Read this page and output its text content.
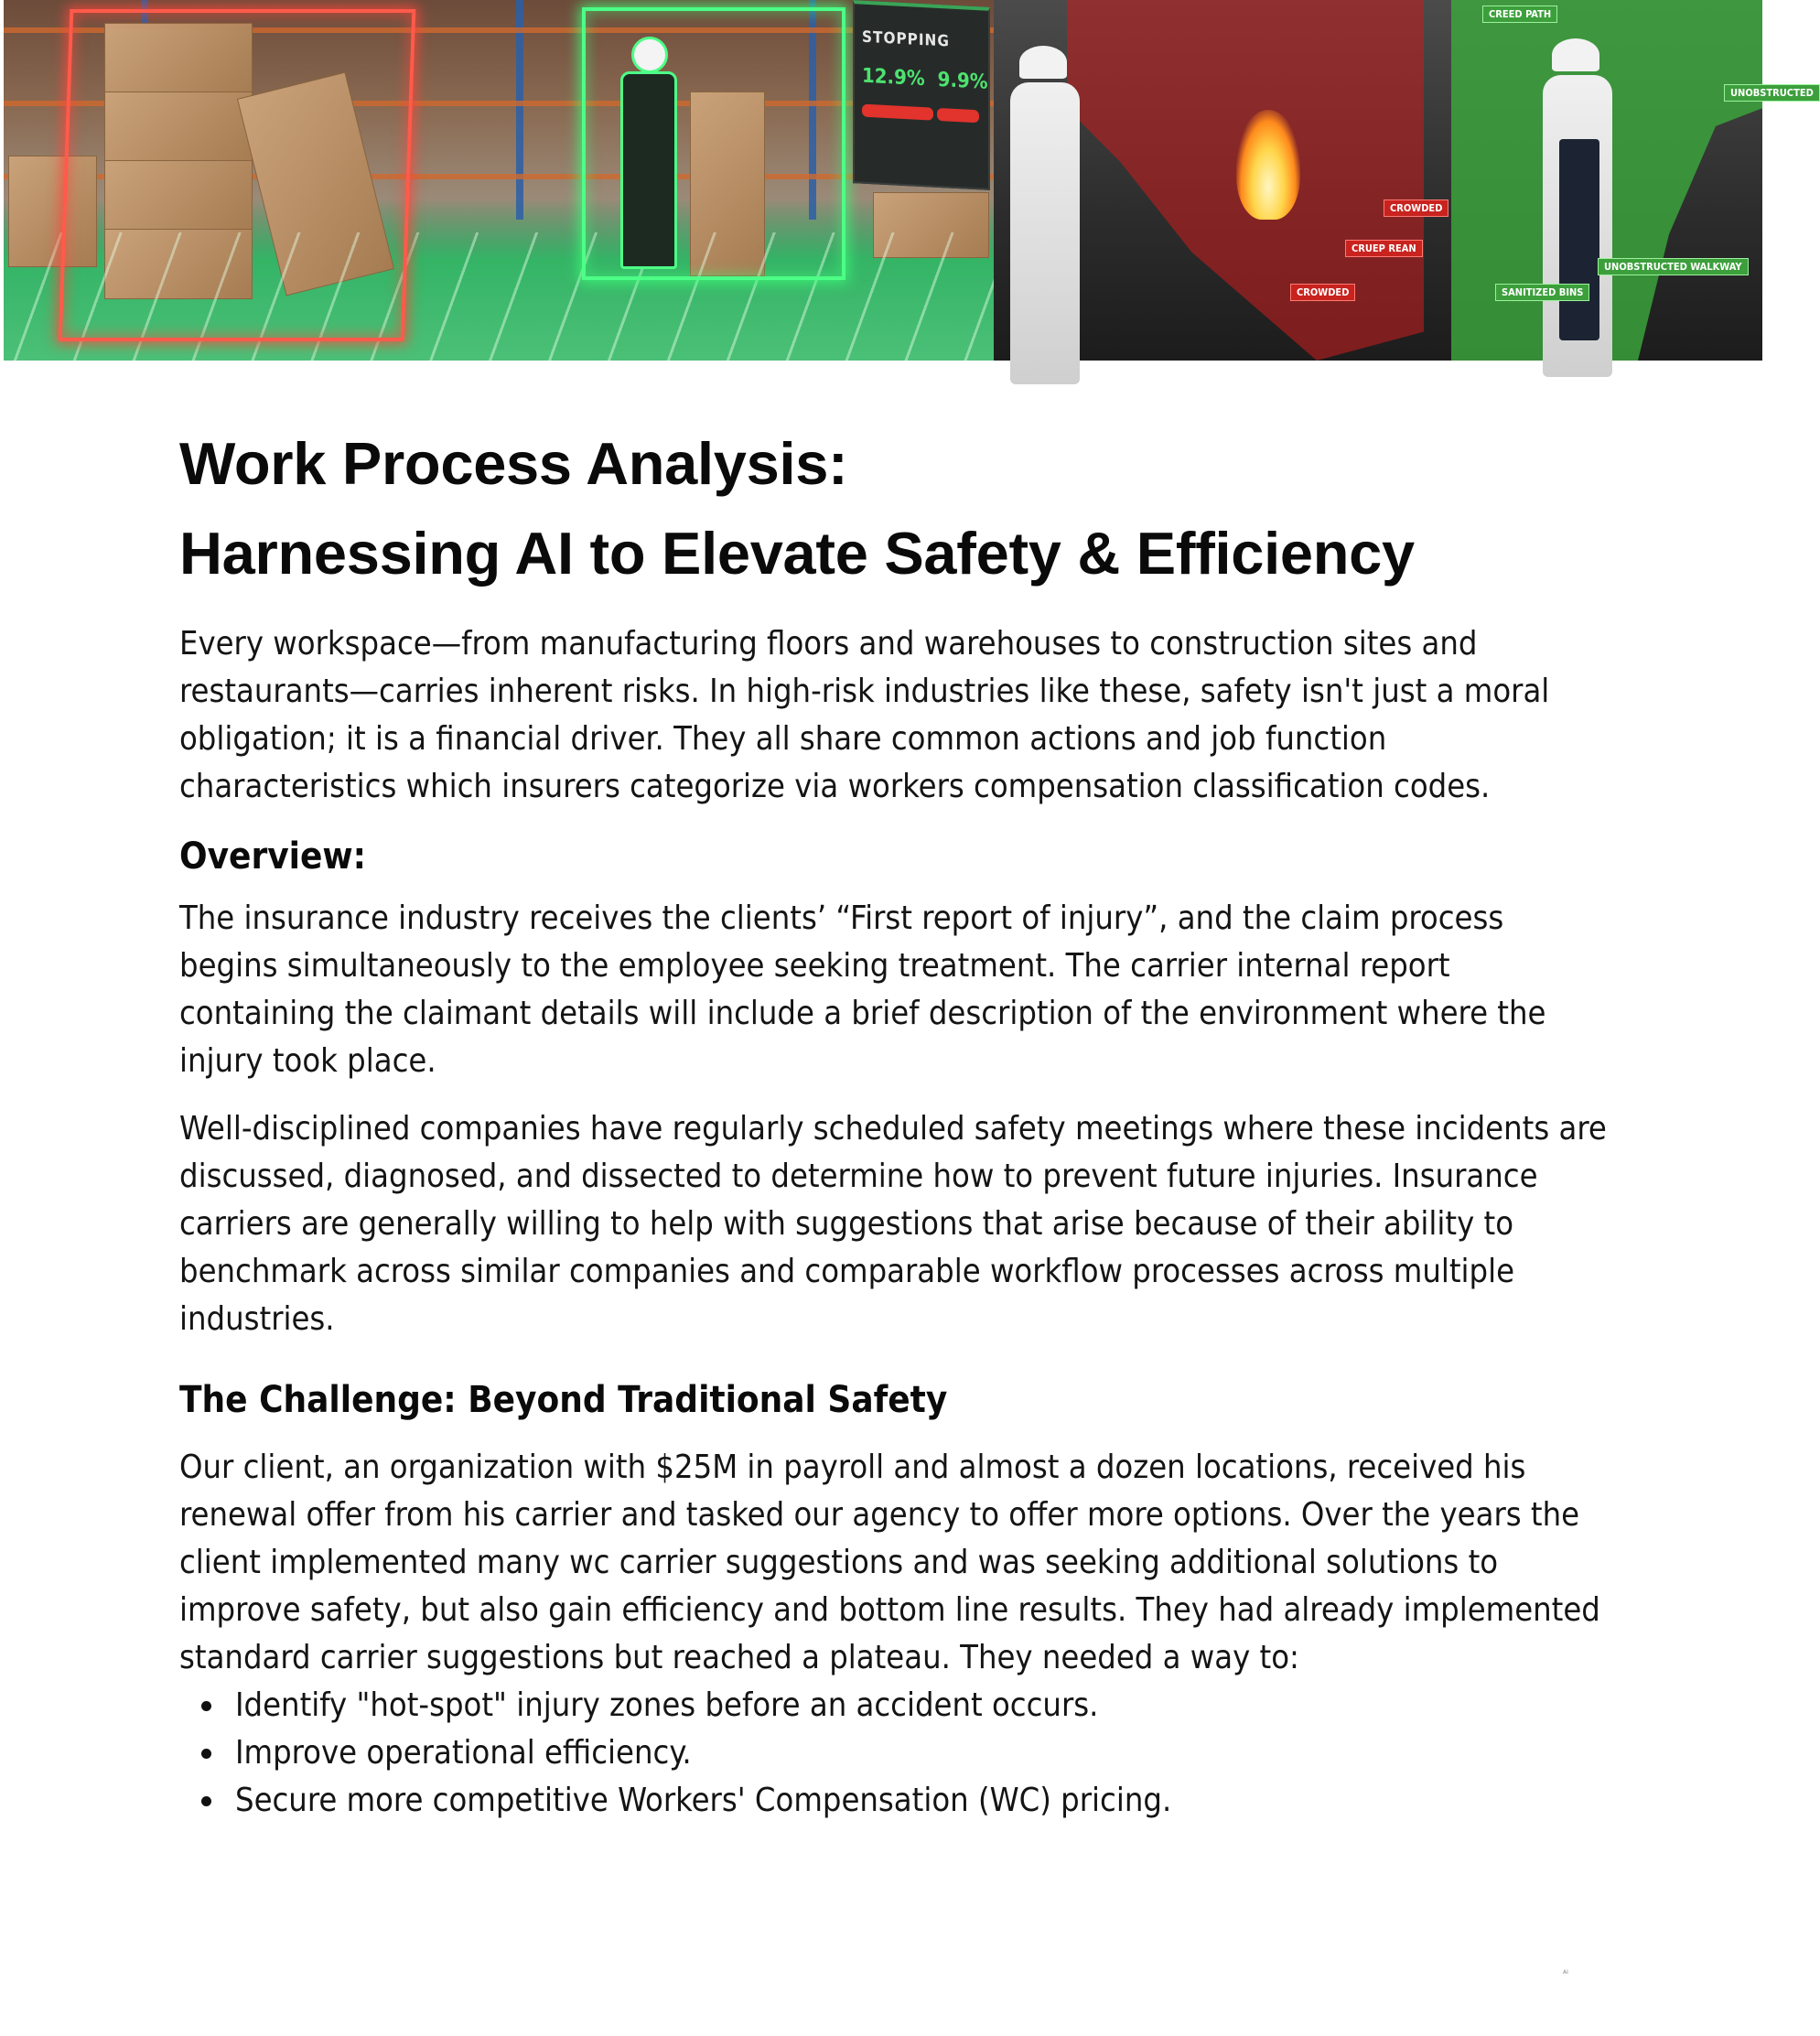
STOPPING
12.9% 9.9%
CROWDED
CRUEP REAN
CROWDED
CREED PATH
UNOBSTRUCTED
UNOBSTRUCTED WALKWAY
SANITIZED BINS
Work Process Analysis:
Harnessing AI to Elevate Safety & Efficiency

Every workspace—from manufacturing floors and warehouses to construction sites and restaurants—carries inherent risks. In high-risk industries like these, safety isn't just a moral obligation; it is a financial driver. They all share common actions and job function characteristics which insurers categorize via workers compensation classification codes.

Overview:

The insurance industry receives the clients’ “First report of injury”, and the claim process begins simultaneously to the employee seeking treatment. The carrier internal report containing the claimant details will include a brief description of the environment where the injury took place.

Well-disciplined companies have regularly scheduled safety meetings where these incidents are discussed, diagnosed, and dissected to determine how to prevent future injuries. Insurance carriers are generally willing to help with suggestions that arise because of their ability to benchmark across similar companies and comparable workflow processes across multiple industries.

The Challenge: Beyond Traditional Safety

Our client, an organization with $25M in payroll and almost a dozen locations, received his renewal offer from his carrier and tasked our agency to offer more options. Over the years the client implemented many wc carrier suggestions and was seeking additional solutions to improve safety, but also gain efficiency and bottom line results. They had already implemented standard carrier suggestions but reached a plateau. They needed a way to:

Identify "hot-spot" injury zones before an accident occurs.
Improve operational efficiency.
Secure more competitive Workers' Compensation (WC) pricing.
AI
